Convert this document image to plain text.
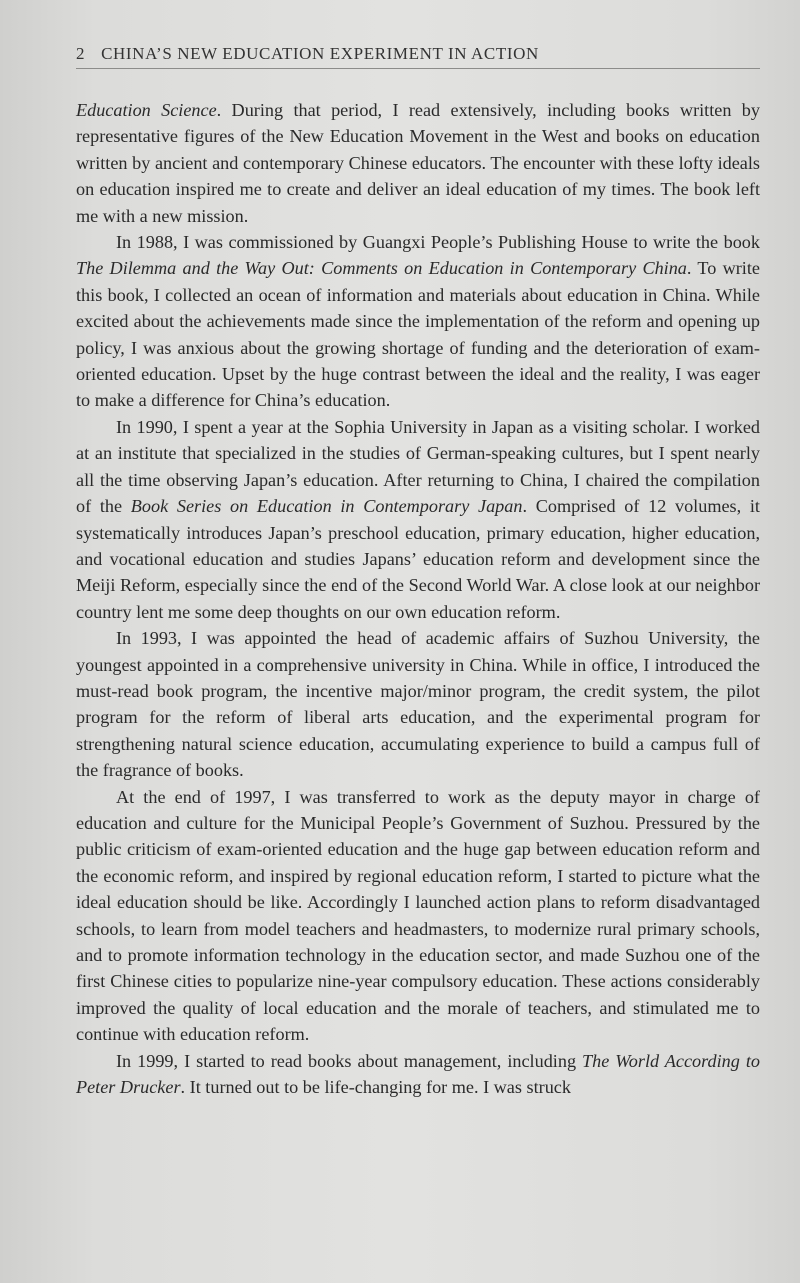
2 CHINA’S NEW EDUCATION EXPERIMENT IN ACTION

Education Science. During that period, I read extensively, including books written by representative figures of the New Education Movement in the West and books on education written by ancient and contemporary Chinese educators. The encounter with these lofty ideals on education inspired me to create and deliver an ideal education of my times. The book left me with a new mission.

In 1988, I was commissioned by Guangxi People’s Publishing House to write the book The Dilemma and the Way Out: Comments on Education in Contemporary China. To write this book, I collected an ocean of information and materials about education in China. While excited about the achievements made since the implementation of the reform and opening up policy, I was anxious about the growing shortage of funding and the deterioration of exam-oriented education. Upset by the huge contrast between the ideal and the reality, I was eager to make a difference for China’s education.

In 1990, I spent a year at the Sophia University in Japan as a visiting scholar. I worked at an institute that specialized in the studies of German-speaking cultures, but I spent nearly all the time observing Japan’s education. After returning to China, I chaired the compilation of the Book Series on Education in Contemporary Japan. Comprised of 12 volumes, it systematically introduces Japan’s preschool education, primary education, higher education, and vocational education and studies Japans’ education reform and development since the Meiji Reform, especially since the end of the Second World War. A close look at our neighbor country lent me some deep thoughts on our own education reform.

In 1993, I was appointed the head of academic affairs of Suzhou University, the youngest appointed in a comprehensive university in China. While in office, I introduced the must-read book program, the incentive major/minor program, the credit system, the pilot program for the reform of liberal arts education, and the experimental program for strengthening natural science education, accumulating experience to build a campus full of the fragrance of books.

At the end of 1997, I was transferred to work as the deputy mayor in charge of education and culture for the Municipal People’s Government of Suzhou. Pressured by the public criticism of exam-oriented education and the huge gap between education reform and the economic reform, and inspired by regional education reform, I started to picture what the ideal education should be like. Accordingly I launched action plans to reform disadvantaged schools, to learn from model teachers and headmasters, to modernize rural primary schools, and to promote information technology in the education sector, and made Suzhou one of the first Chinese cities to popularize nine-year compulsory education. These actions considerably improved the quality of local education and the morale of teachers, and stimulated me to continue with education reform.

In 1999, I started to read books about management, including The World According to Peter Drucker. It turned out to be life-changing for me. I was struck
